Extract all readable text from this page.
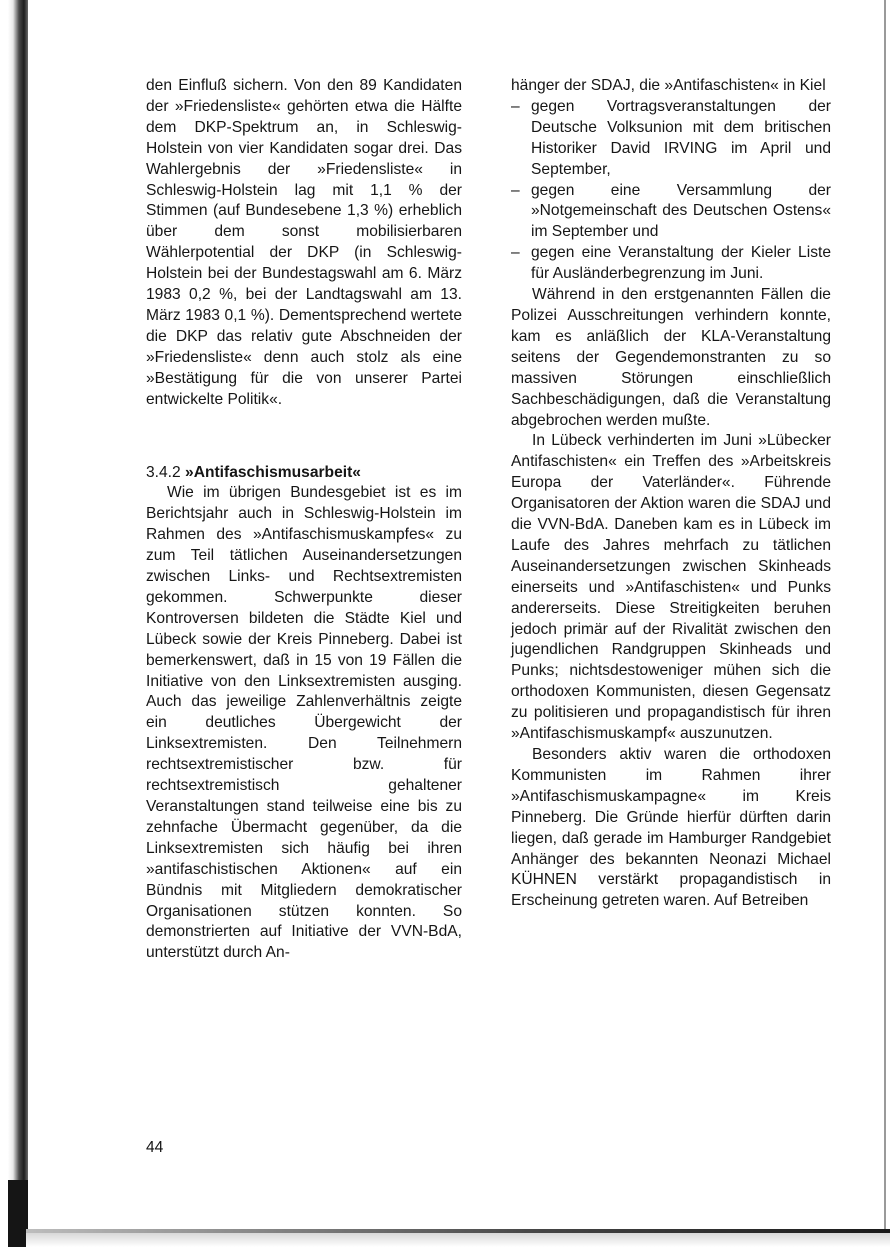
den Einfluß sichern. Von den 89 Kandidaten der »Friedensliste« gehörten etwa die Hälfte dem DKP-Spektrum an, in Schleswig-Holstein von vier Kandidaten sogar drei. Das Wahlergebnis der »Friedensliste« in Schleswig-Holstein lag mit 1,1 % der Stimmen (auf Bundesebene 1,3 %) erheblich über dem sonst mobilisierbaren Wählerpotential der DKP (in Schleswig-Holstein bei der Bundestagswahl am 6. März 1983 0,2 %, bei der Landtagswahl am 13. März 1983 0,1 %). Dementsprechend wertete die DKP das relativ gute Abschneiden der »Friedensliste« denn auch stolz als eine »Bestätigung für die von unserer Partei entwickelte Politik«.

3.4.2 »Antifaschismusarbeit«

Wie im übrigen Bundesgebiet ist es im Berichtsjahr auch in Schleswig-Holstein im Rahmen des »Antifaschismuskampfes« zu zum Teil tätlichen Auseinandersetzungen zwischen Links- und Rechtsextremisten gekommen. Schwerpunkte dieser Kontroversen bildeten die Städte Kiel und Lübeck sowie der Kreis Pinneberg. Dabei ist bemerkenswert, daß in 15 von 19 Fällen die Initiative von den Linksextremisten ausging. Auch das jeweilige Zahlenverhältnis zeigte ein deutliches Übergewicht der Linksextremisten. Den Teilnehmern rechtsextremistischer bzw. für rechtsextremistisch gehaltener Veranstaltungen stand teilweise eine bis zu zehnfache Übermacht gegenüber, da die Linksextremisten sich häufig bei ihren »antifaschistischen Aktionen« auf ein Bündnis mit Mitgliedern demokratischer Organisationen stützen konnten. So demonstrierten auf Initiative der VVN-BdA, unterstützt durch An-

hänger der SDAJ, die »Antifaschisten« in Kiel

– gegen Vortragsveranstaltungen der Deutsche Volksunion mit dem britischen Historiker David IRVING im April und September,
– gegen eine Versammlung der »Notgemeinschaft des Deutschen Ostens« im September und
– gegen eine Veranstaltung der Kieler Liste für Ausländerbegrenzung im Juni.

Während in den erstgenannten Fällen die Polizei Ausschreitungen verhindern konnte, kam es anläßlich der KLA-Veranstaltung seitens der Gegendemonstranten zu so massiven Störungen einschließlich Sachbeschädigungen, daß die Veranstaltung abgebrochen werden mußte.

In Lübeck verhinderten im Juni »Lübecker Antifaschisten« ein Treffen des »Arbeitskreis Europa der Vaterländer«. Führende Organisatoren der Aktion waren die SDAJ und die VVN-BdA. Daneben kam es in Lübeck im Laufe des Jahres mehrfach zu tätlichen Auseinandersetzungen zwischen Skinheads einerseits und »Antifaschisten« und Punks andererseits. Diese Streitigkeiten beruhen jedoch primär auf der Rivalität zwischen den jugendlichen Randgruppen Skinheads und Punks; nichtsdestoweniger mühen sich die orthodoxen Kommunisten, diesen Gegensatz zu politisieren und propagandistisch für ihren »Antifaschismuskampf« auszunutzen.

Besonders aktiv waren die orthodoxen Kommunisten im Rahmen ihrer »Antifaschismuskampagne« im Kreis Pinneberg. Die Gründe hierfür dürften darin liegen, daß gerade im Hamburger Randgebiet Anhänger des bekannten Neonazi Michael KÜHNEN verstärkt propagandistisch in Erscheinung getreten waren. Auf Betreiben

44
